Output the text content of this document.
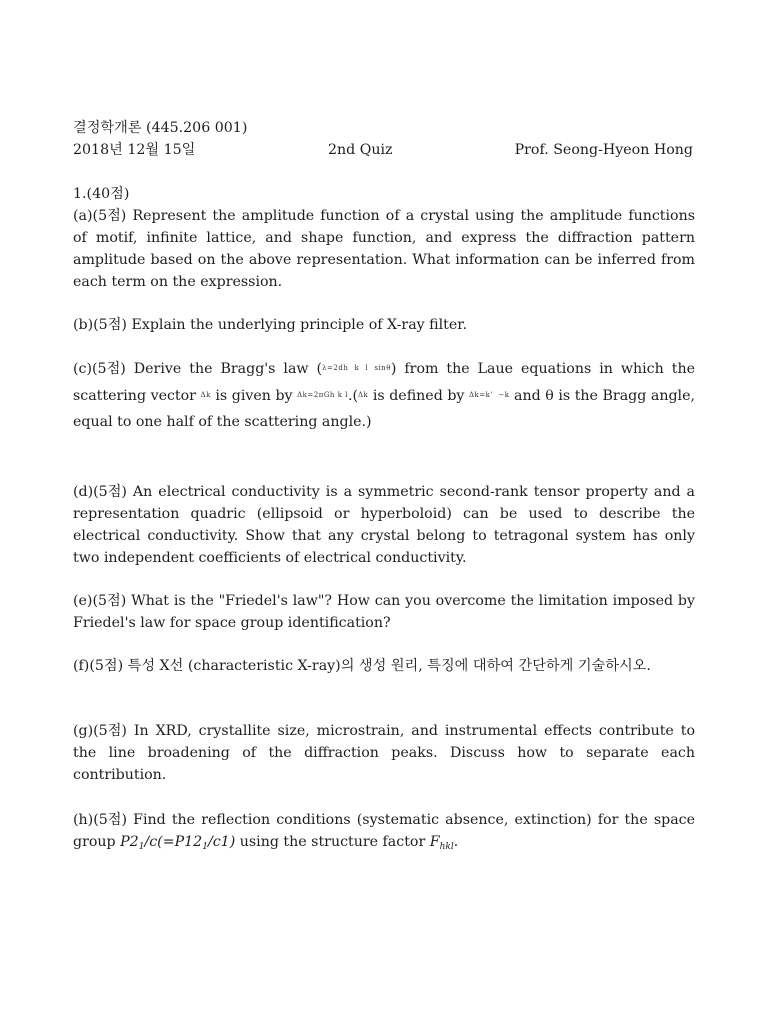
결정학개론 (445.206 001)
2018년 12월 15일	2nd Quiz	Prof. Seong-Hyeon Hong
1.(40점)

(a)(5점) Represent the amplitude function of a crystal using the amplitude functions of motif, infinite lattice, and shape function, and express the diffraction pattern amplitude based on the above representation. What information can be inferred from each term on the expression.

(b)(5점) Explain the underlying principle of X-ray filter.

(c)(5점) Derive the Bragg's law ($^{\lambda=2dh k l sin\theta}$) from the Laue equations in which the scattering vector $^{\Delta k}$ is given by $^{\Delta k=2\pi Gh k l}$.($^{\Delta k}$ is defined by $^{\Delta k=k' -k}$ and θ is the Bragg angle, equal to one half of the scattering angle.)

(d)(5점) An electrical conductivity is a symmetric second-rank tensor property and a representation quadric (ellipsoid or hyperboloid) can be used to describe the electrical conductivity. Show that any crystal belong to tetragonal system has only two independent coefficients of electrical conductivity.

(e)(5점) What is the "Friedel's law"? How can you overcome the limitation imposed by Friedel's law for space group identification?

(f)(5점) 특성 X선 (characteristic X-ray)의 생성 원리, 특징에 대하여 간단하게 기술하시오.

(g)(5점) In XRD, crystallite size, microstrain, and instrumental effects contribute to the line broadening of the diffraction peaks. Discuss how to separate each contribution.

(h)(5점) Find the reflection conditions (systematic absence, extinction) for the space group $P2_1/c(=P12_1/c1)$ using the structure factor $F_{hkl}$.
